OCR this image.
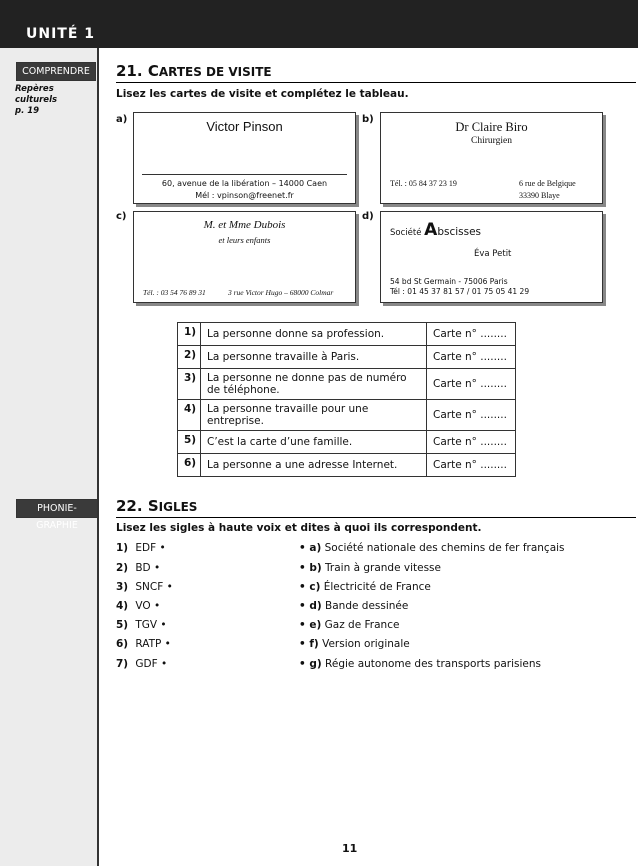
UNITÉ 1
COMPRENDRE
Repères culturels
p. 19
PHONIE-GRAPHIE
21. CARTES DE VISITE
Lisez les cartes de visite et complétez le tableau.
a)	b)
c)	d)
Victor Pinson
60, avenue de la libération – 14000 Caen
Mél : vpinson@freenet.fr
Dr Claire Biro
Chirurgien
Tél. : 05 84 37 23 19	6 rue de Belgique
33390 Blaye
M. et Mme Dubois
et leurs enfants
Tél. : 03 54 76 89 31	3 rue Victor Hugo – 68000 Colmar
Société Abscisses
Éva Petit
54 bd St Germain - 75006 Paris
Tél : 01 45 37 81 57 / 01 75 05 41 29
1)	La personne donne sa profession.	Carte n° ........
2)	La personne travaille à Paris.	Carte n° ........
3)	La personne ne donne pas de numéro de téléphone.	Carte n° ........
4)	La personne travaille pour une entreprise.	Carte n° ........
5)	C’est la carte d’une famille.	Carte n° ........
6)	La personne a une adresse Internet.	Carte n° ........
22. SIGLES
Lisez les sigles à haute voix et dites à quoi ils correspondent.
1) EDF •
2) BD •
3) SNCF •
4) VO •
5) TGV •
6) RATP •
7) GDF •
• a) Société nationale des chemins de fer français
• b) Train à grande vitesse
• c) Électricité de France
• d) Bande dessinée
• e) Gaz de France
• f) Version originale
• g) Régie autonome des transports parisiens
11
